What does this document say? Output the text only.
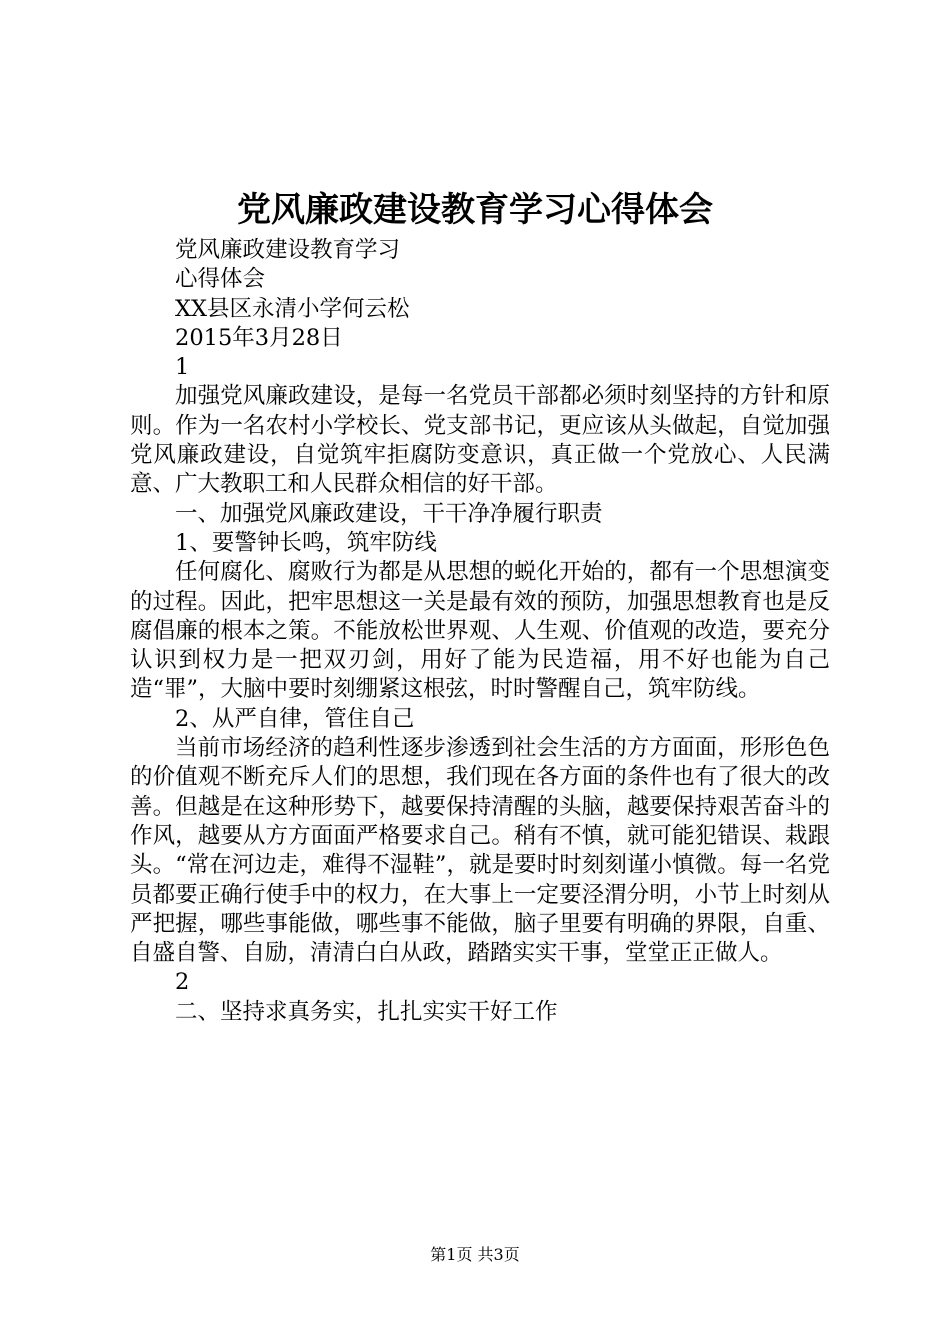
党风廉政建设教育学习心得体会

党风廉政建设教育学习

心得体会

XX县区永清小学何云松

2015年3月28日

1

加强党风廉政建设，是每一名党员干部都必须时刻坚持的方针和原则。作为一名农村小学校长、党支部书记，更应该从头做起，自觉加强党风廉政建设，自觉筑牢拒腐防变意识，真正做一个党放心、人民满意、广大教职工和人民群众相信的好干部。

一、加强党风廉政建设，干干净净履行职责

1、要警钟长鸣，筑牢防线

任何腐化、腐败行为都是从思想的蜕化开始的，都有一个思想演变的过程。因此，把牢思想这一关是最有效的预防，加强思想教育也是反腐倡廉的根本之策。不能放松世界观、人生观、价值观的改造，要充分认识到权力是一把双刃剑，用好了能为民造福，用不好也能为自己造“罪”，大脑中要时刻绷紧这根弦，时时警醒自己，筑牢防线。

2、从严自律，管住自己

当前市场经济的趋利性逐步渗透到社会生活的方方面面，形形色色的价值观不断充斥人们的思想，我们现在各方面的条件也有了很大的改善。但越是在这种形势下，越要保持清醒的头脑，越要保持艰苦奋斗的作风，越要从方方面面严格要求自己。稍有不慎，就可能犯错误、栽跟头。“常在河边走，难得不湿鞋”，就是要时时刻刻谨小慎微。每一名党员都要正确行使手中的权力，在大事上一定要泾渭分明，小节上时刻从严把握，哪些事能做，哪些事不能做，脑子里要有明确的界限，自重、自盛自警、自励，清清白白从政，踏踏实实干事，堂堂正正做人。

2

二、坚持求真务实，扎扎实实干好工作

第1页 共3页
